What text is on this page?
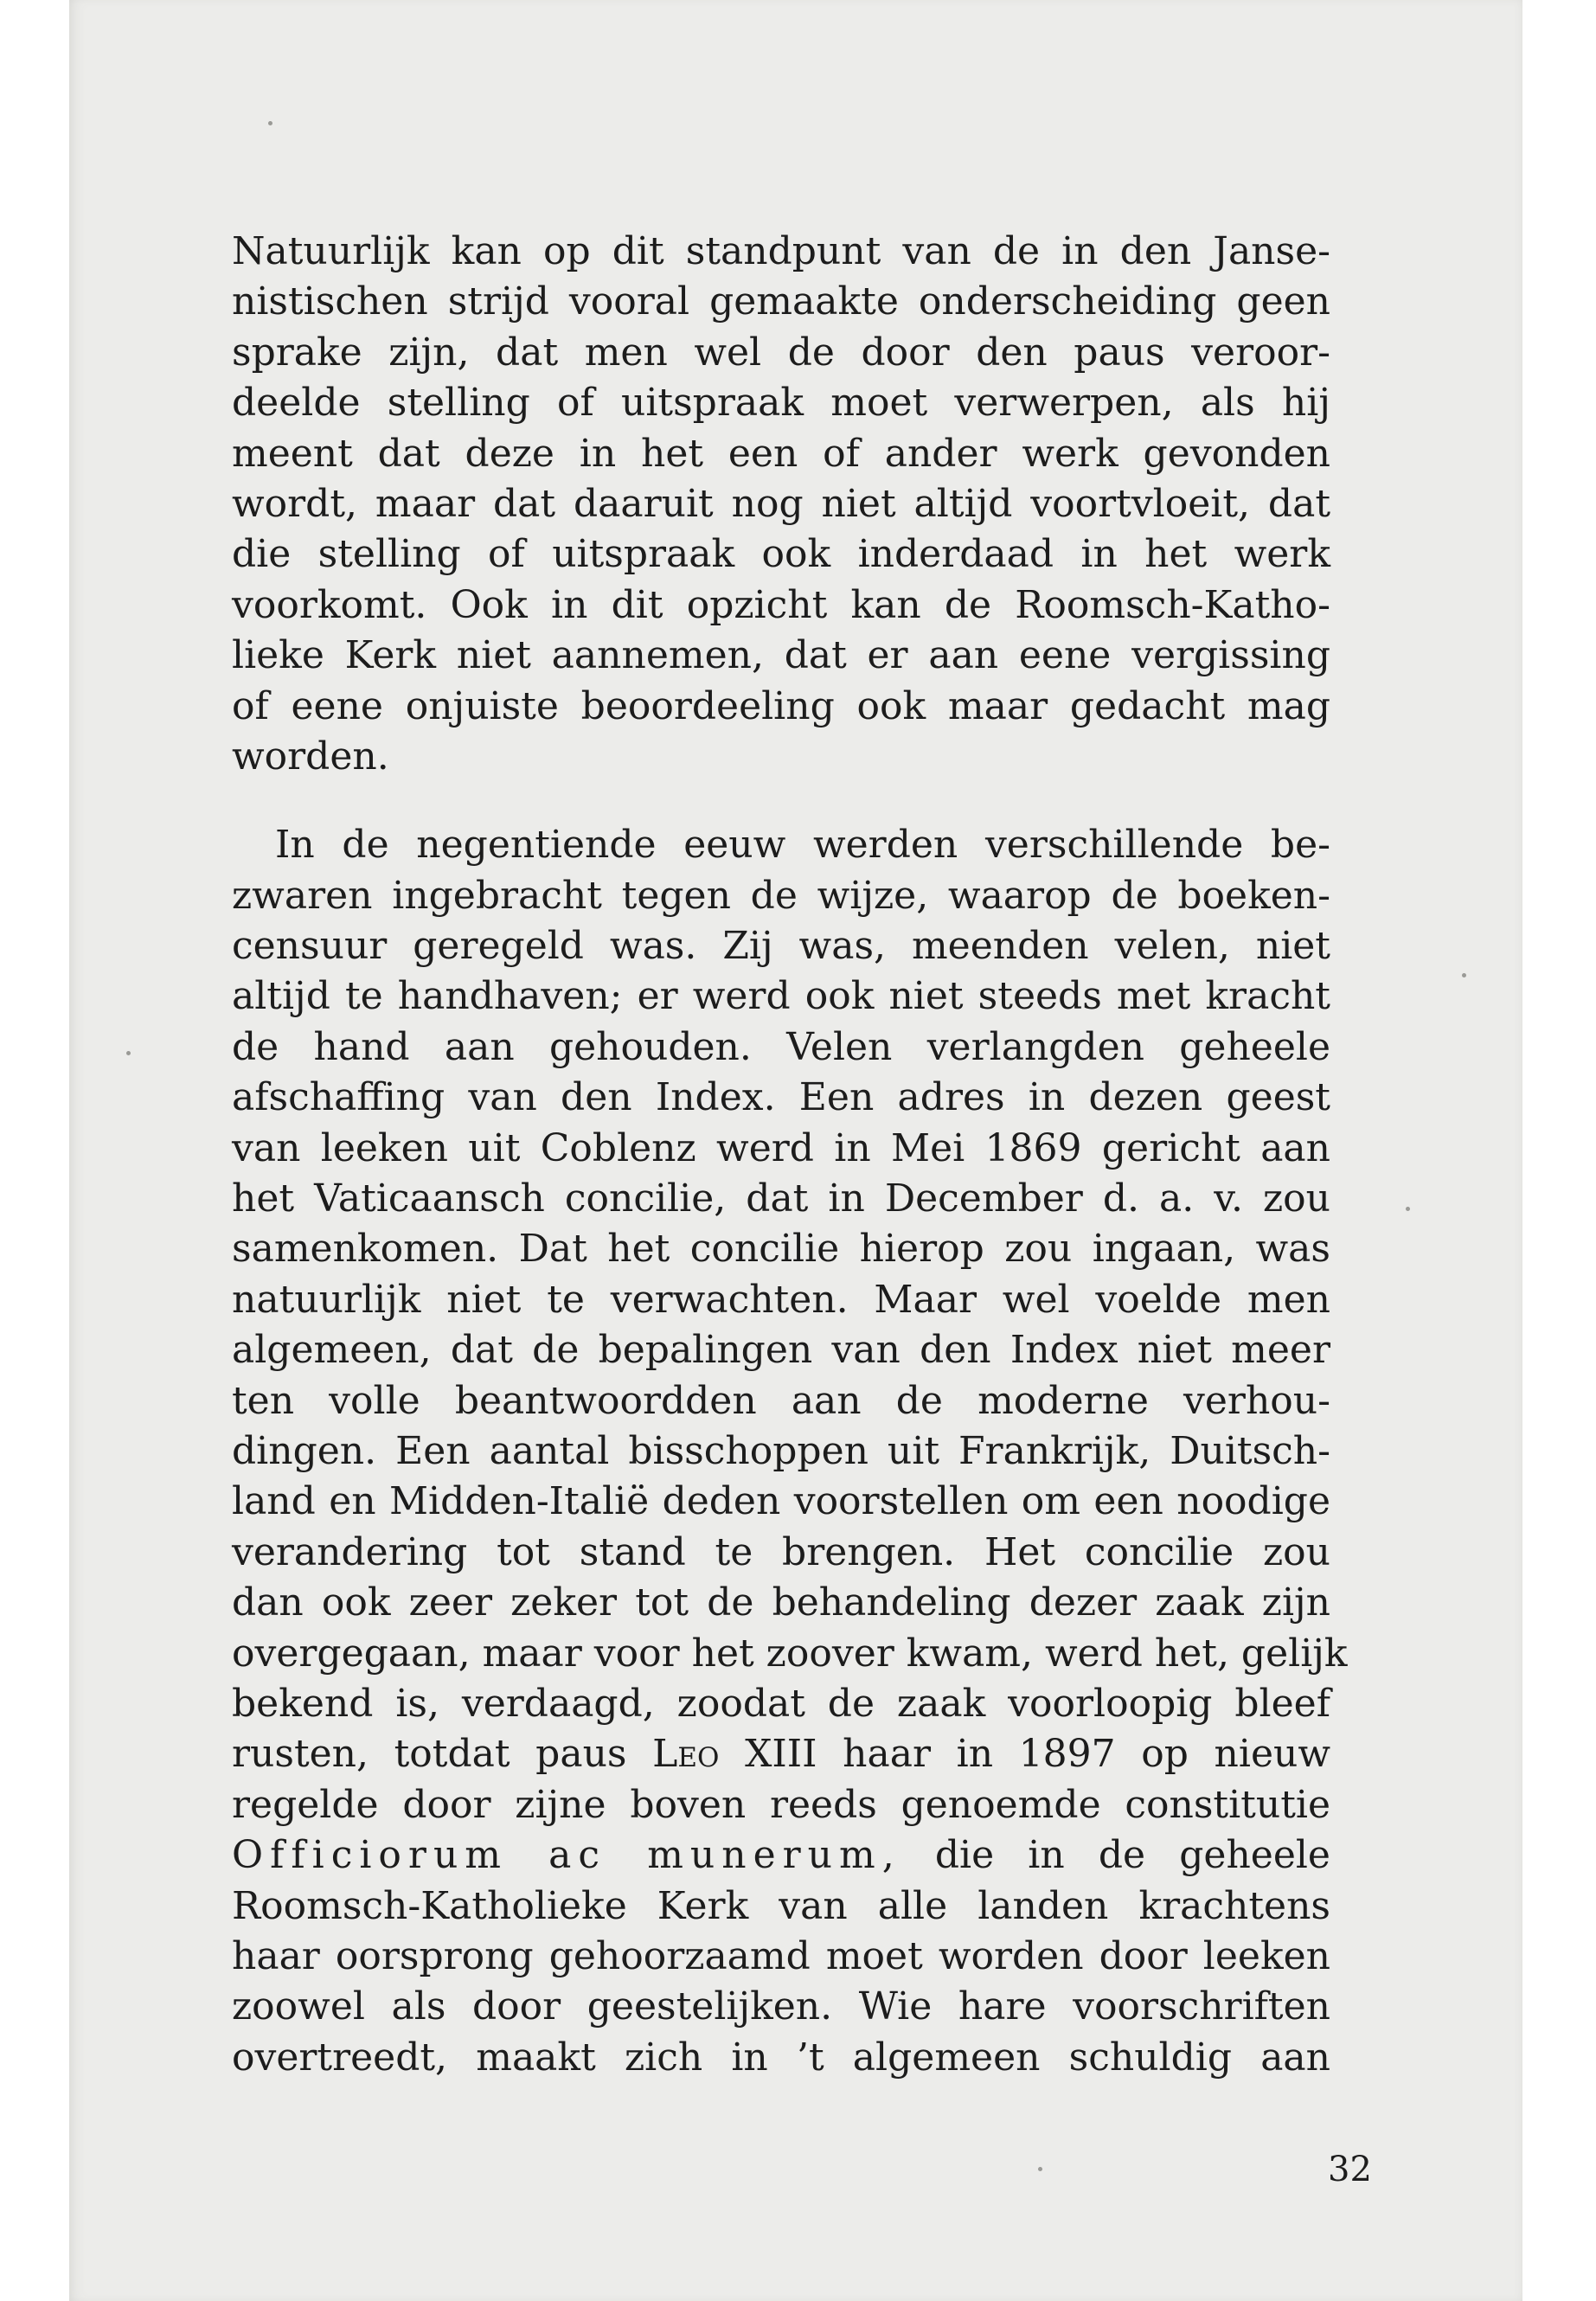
Natuurlijk kan op dit standpunt van de in den Janse-
nistischen strijd vooral gemaakte onderscheiding geen
sprake zijn, dat men wel de door den paus veroor-
deelde stelling of uitspraak moet verwerpen, als hij
meent dat deze in het een of ander werk gevonden
wordt, maar dat daaruit nog niet altijd voortvloeit, dat
die stelling of uitspraak ook inderdaad in het werk
voorkomt. Ook in dit opzicht kan de Roomsch-Katho-
lieke Kerk niet aannemen, dat er aan eene vergissing
of eene onjuiste beoordeeling ook maar gedacht mag
worden.
In de negentiende eeuw werden verschillende be-
zwaren ingebracht tegen de wijze, waarop de boeken-
censuur geregeld was. Zij was, meenden velen, niet
altijd te handhaven; er werd ook niet steeds met kracht
de hand aan gehouden. Velen verlangden geheele
afschaffing van den Index. Een adres in dezen geest
van leeken uit Coblenz werd in Mei 1869 gericht aan
het Vaticaansch concilie, dat in December d. a. v. zou
samenkomen. Dat het concilie hierop zou ingaan, was
natuurlijk niet te verwachten. Maar wel voelde men
algemeen, dat de bepalingen van den Index niet meer
ten volle beantwoordden aan de moderne verhou-
dingen. Een aantal bisschoppen uit Frankrijk, Duitsch-
land en Midden-Italië deden voorstellen om een noodige
verandering tot stand te brengen. Het concilie zou
dan ook zeer zeker tot de behandeling dezer zaak zijn
overgegaan, maar voor het zoover kwam, werd het, gelijk
bekend is, verdaagd, zoodat de zaak voorloopig bleef
rusten, totdat paus Leo XIII haar in 1897 op nieuw
regelde door zijne boven reeds genoemde constitutie
Officiorum ac munerum, die in de geheele
Roomsch-Katholieke Kerk van alle landen krachtens
haar oorsprong gehoorzaamd moet worden door leeken
zoowel als door geestelijken. Wie hare voorschriften
overtreedt, maakt zich in ’t algemeen schuldig aan
32
